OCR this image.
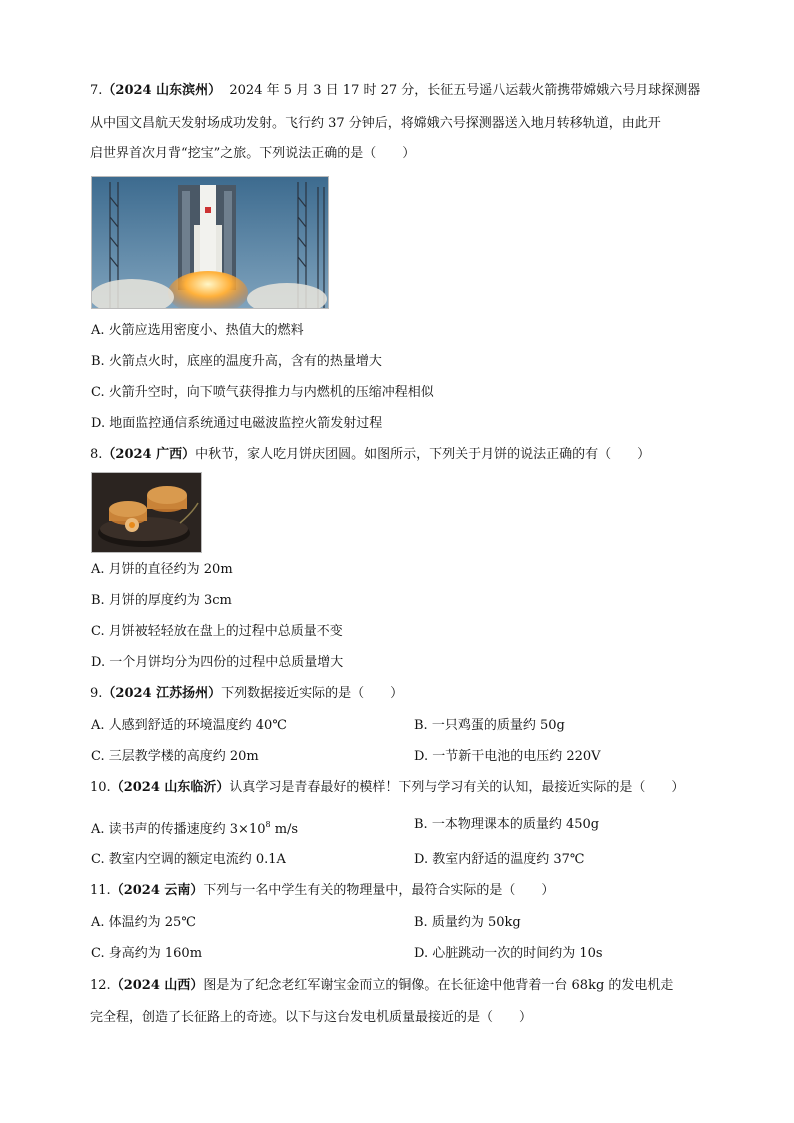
7.（2024 山东滨州） 2024 年 5 月 3 日 17 时 27 分，长征五号遥八运载火箭携带嫦娥六号月球探测器
从中国文昌航天发射场成功发射。飞行约 37 分钟后，将嫦娥六号探测器送入地月转移轨道，由此开
启世界首次月背“挖宝”之旅。下列说法正确的是（　　）
A. 火箭应选用密度小、热值大的燃料
B. 火箭点火时，底座的温度升高，含有的热量增大
C. 火箭升空时，向下喷气获得推力与内燃机的压缩冲程相似
D. 地面监控通信系统通过电磁波监控火箭发射过程
8.（2024 广西）中秋节，家人吃月饼庆团圆。如图所示，下列关于月饼的说法正确的有（　　）
A. 月饼的直径约为 20m
B. 月饼的厚度约为 3cm
C. 月饼被轻轻放在盘上的过程中总质量不变
D. 一个月饼均分为四份的过程中总质量增大
9.（2024 江苏扬州）下列数据接近实际的是（　　）
A. 人感到舒适的环境温度约 40℃	B. 一只鸡蛋的质量约 50g
C. 三层教学楼的高度约 20m	D. 一节新干电池的电压约 220V
10.（2024 山东临沂）认真学习是青春最好的模样！下列与学习有关的认知，最接近实际的是（　　）
A. 读书声的传播速度约 $3\times 10^8$ m/s	B. 一本物理课本的质量约 450g
C. 教室内空调的额定电流约 0.1A	D. 教室内舒适的温度约 37℃
11.（2024 云南）下列与一名中学生有关的物理量中，最符合实际的是（　　）
A. 体温约为 25℃	B. 质量约为 50kg
C. 身高约为 160m	D. 心脏跳动一次的时间约为 10s
12.（2024 山西）图是为了纪念老红军谢宝金而立的铜像。在长征途中他背着一台 68kg 的发电机走
完全程，创造了长征路上的奇迹。以下与这台发电机质量最接近的是（　　）
